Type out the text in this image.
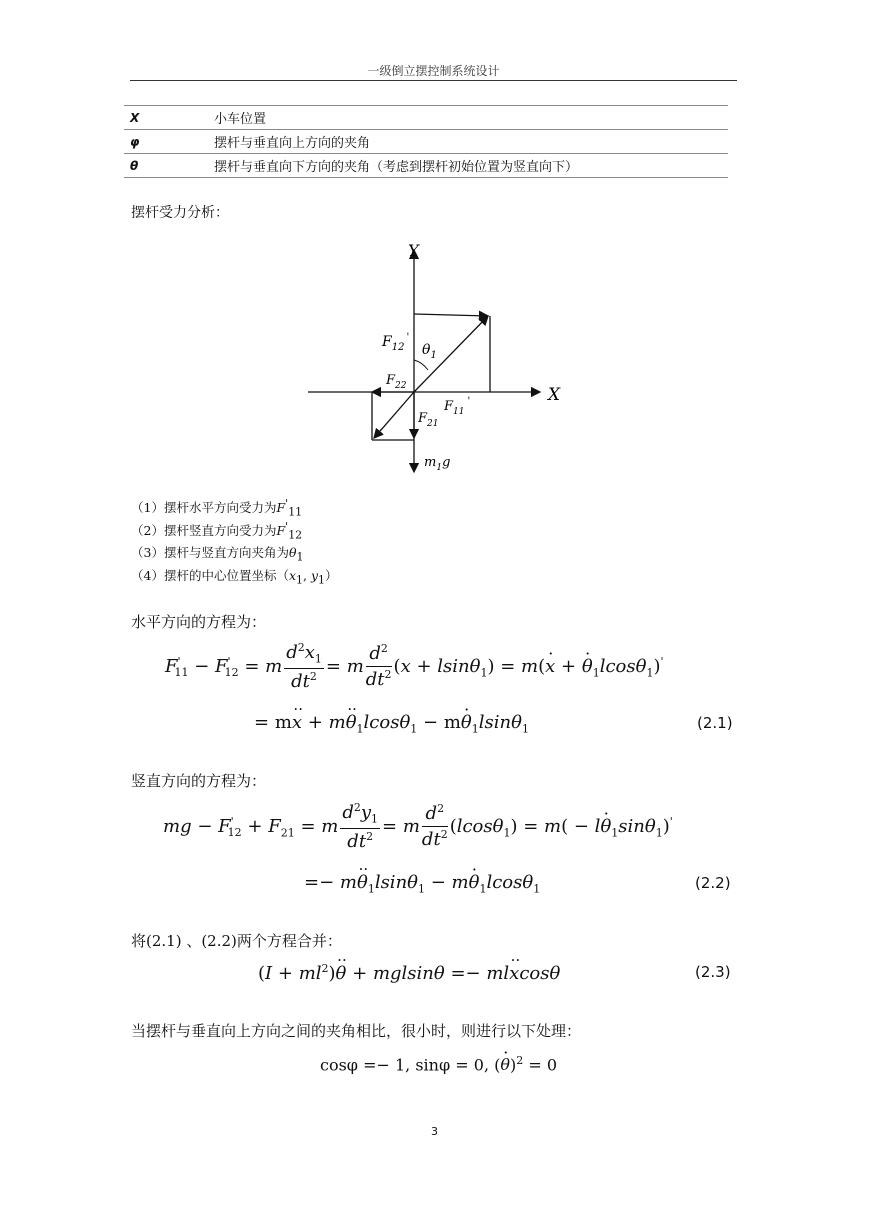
一级倒立摆控制系统设计
X	小车位置
φ	摆杆与垂直向上方向的夹角
θ	摆杆与垂直向下方向的夹角（考虑到摆杆初始位置为竖直向下）
摆杆受力分析：
Y
X
$F_{12}'$
$\theta_1$
$F_{22}$
$F_{11}'$
$F_{21}$
$m_1g$
（1）摆杆水平方向受力为$F'_{11}$
（2）摆杆竖直方向受力为$F'_{12}$
（3）摆杆与竖直方向夹角为$\theta_1$
（4）摆杆的中心位置坐标（$x_1$, $y_1$）
水平方向的方程为：
$F'_{11} - F'_{12} = m \frac{d^2x_1}{dt^2} = m \frac{d^2}{dt^2} (x + lsin\theta_1) = m(x$ · + $\theta \cdot_1lcos\theta_1)'$
= mx ·· + $m\theta \cdot\cdot_1lcos\theta_1 - m\theta \cdot_1lsin\theta_1$	(2.1)
竖直方向的方程为：
mg − $F'_{12} + F_{21} = m \frac{d^2y_1}{dt^2} = m \frac{d^2}{dt^2} (lcos\theta_1) = m( - l\theta \cdot_1\sin\theta_1)'$
=− $m\theta \cdot\cdot_1lsin\theta_1 - m\theta \cdot_1lcos\theta_1$	(2.2)
将(2.1) 、(2.2)两个方程合并：
$(I + ml^2)\theta$ ·· + mglsinθ =− mlx ··cosθ	(2.3)
当摆杆与垂直向上方向之间的夹角相比，很小时，则进行以下处理：
cosφ =− 1, sinφ = 0, $(\theta \cdot)^2 = 0$
3
